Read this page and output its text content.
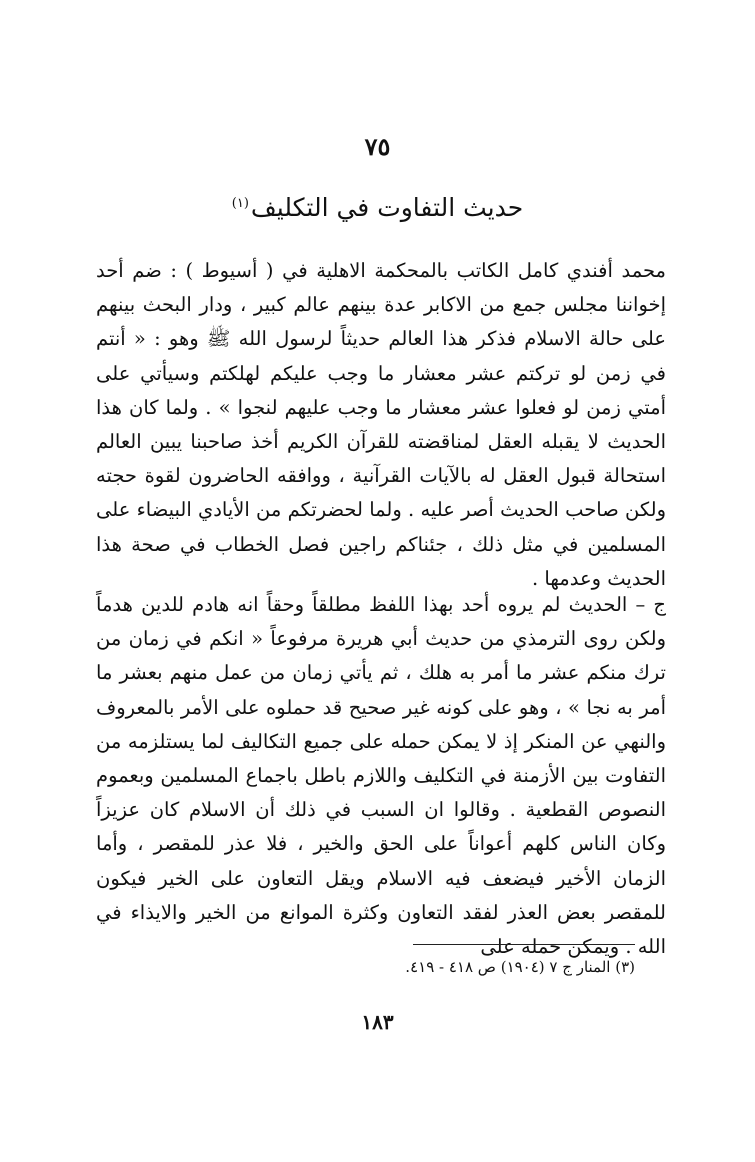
٧٥
حديث التفاوت في التكليف$^{(١)}$

محمد أفندي كامل الكاتب بالمحكمة الاهلية في ( أسيوط ) : ضم أحد إخواننا مجلس جمع من الاكابر عدة بينهم عالم كبير ، ودار البحث بينهم على حالة الاسلام فذكر هذا العالم حديثاً لرسول الله ﷺ وهو : « أنتم في زمن لو تركتم عشر معشار ما وجب عليكم لهلكتم وسيأتي على أمتي زمن لو فعلوا عشر معشار ما وجب عليهم لنجوا » . ولما كان هذا الحديث لا يقبله العقل لمناقضته للقرآن الكريم أخذ صاحبنا يبين العالم استحالة قبول العقل له بالآيات القرآنية ، ووافقه الحاضرون لقوة حجته ولكن صاحب الحديث أصر عليه . ولما لحضرتكم من الأيادي البيضاء على المسلمين في مثل ذلك ، جئناكم راجين فصل الخطاب في صحة هذا الحديث وعدمها .

ج – الحديث لم يروه أحد بهذا اللفظ مطلقاً وحقاً انه هادم للدين هدماً ولكن روى الترمذي من حديث أبي هريرة مرفوعاً « انكم في زمان من ترك منكم عشر ما أمر به هلك ، ثم يأتي زمان من عمل منهم بعشر ما أمر به نجا » ، وهو على كونه غير صحيح قد حملوه على الأمر بالمعروف والنهي عن المنكر إذ لا يمكن حمله على جميع التكاليف لما يستلزمه من التفاوت بين الأزمنة في التكليف واللازم باطل باجماع المسلمين وبعموم النصوص القطعية . وقالوا ان السبب في ذلك أن الاسلام كان عزيزاً وكان الناس كلهم أعواناً على الحق والخير ، فلا عذر للمقصر ، وأما الزمان الأخير فيضعف فيه الاسلام ويقل التعاون على الخير فيكون للمقصر بعض العذر لفقد التعاون وكثرة الموانع من الخير والايذاء في الله . ويمكن حمله على

(٣) المنار ج ٧ (١٩٠٤) ص ٤١٨ - ٤١٩.
١٨٣
